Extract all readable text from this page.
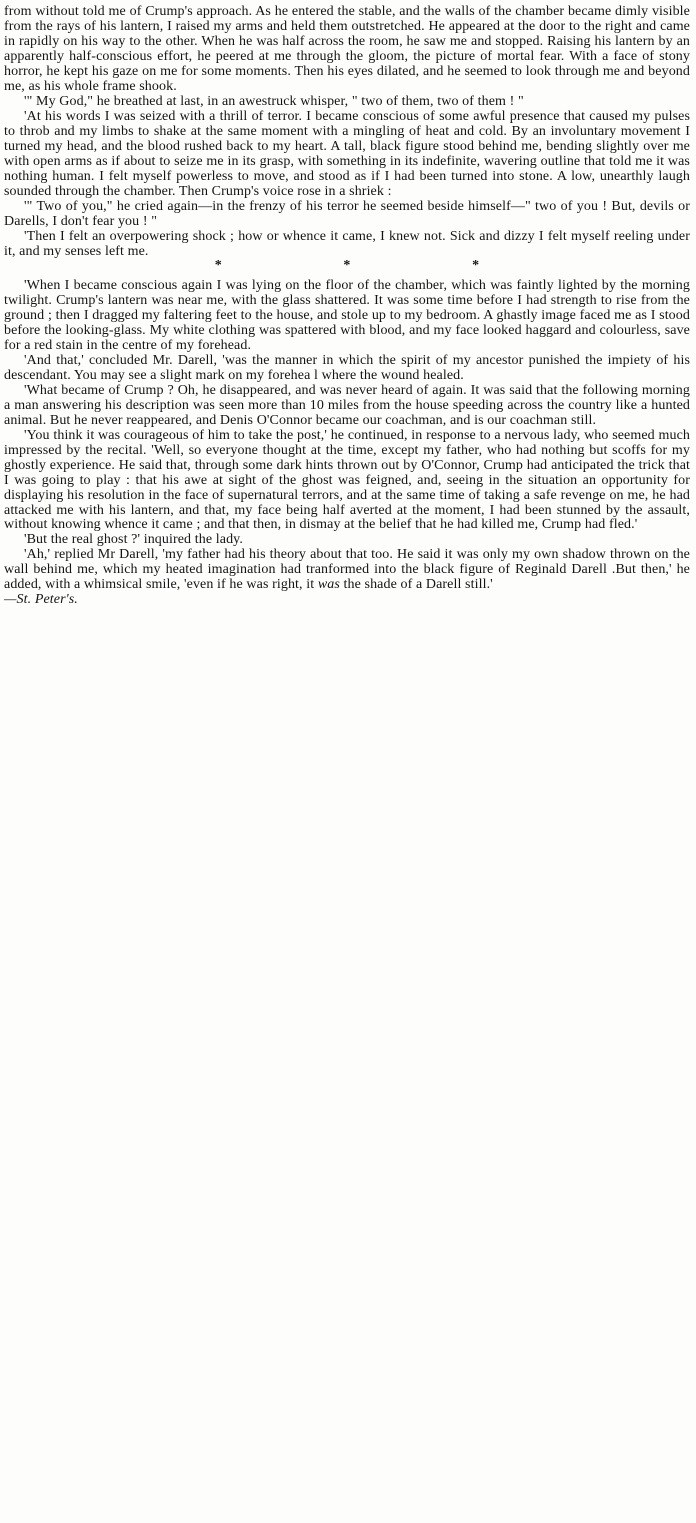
from without told me of Crump's approach. As he entered the stable, and the walls of the chamber became dimly visible from the rays of his lantern, I raised my arms and held them outstretched. He appeared at the door to the right and came in rapidly on his way to the other. When he was half across the room, he saw me and stopped. Raising his lantern by an apparently half-conscious effort, he peered at me through the gloom, the picture of mortal fear. With a face of stony horror, he kept his gaze on me for some moments. Then his eyes dilated, and he seemed to look through me and beyond me, as his whole frame shook.

'" My God," he breathed at last, in an awestruck whisper, " two of them, two of them ! "

'At his words I was seized with a thrill of terror. I became conscious of some awful presence that caused my pulses to throb and my limbs to shake at the same moment with a mingling of heat and cold. By an involuntary movement I turned my head, and the blood rushed back to my heart. A tall, black figure stood behind me, bending slightly over me with open arms as if about to seize me in its grasp, with something in its indefinite, wavering outline that told me it was nothing human. I felt myself powerless to move, and stood as if I had been turned into stone. A low, unearthly laugh sounded through the chamber. Then Crump's voice rose in a shriek :

'" Two of you," he cried again—in the frenzy of his terror he seemed beside himself—" two of you ! But, devils or Darells, I don't fear you ! "

'Then I felt an overpowering shock ; how or whence it came, I knew not. Sick and dizzy I felt myself reeling under it, and my senses left me.

*	*	*

'When I became conscious again I was lying on the floor of the chamber, which was faintly lighted by the morning twilight. Crump's lantern was near me, with the glass shattered. It was some time before I had strength to rise from the ground ; then I dragged my faltering feet to the house, and stole up to my bedroom. A ghastly image faced me as I stood before the looking-glass. My white clothing was spattered with blood, and my face looked haggard and colourless, save for a red stain in the centre of my forehead.

'And that,' concluded Mr. Darell, 'was the manner in which the spirit of my ancestor punished the impiety of his descendant. You may see a slight mark on my forehea l where the wound healed.

'What became of Crump ? Oh, he disappeared, and was never heard of again. It was said that the following morning a man answering his description was seen more than 10 miles from the house speeding across the country like a hunted animal. But he never reappeared, and Denis O'Connor became our coachman, and is our coachman still.

'You think it was courageous of him to take the post,' he continued, in response to a nervous lady, who seemed much impressed by the recital. 'Well, so everyone thought at the time, except my father, who had nothing but scoffs for my ghostly experience. He said that, through some dark hints thrown out by O'Connor, Crump had anticipated the trick that I was going to play : that his awe at sight of the ghost was feigned, and, seeing in the situation an opportunity for displaying his resolution in the face of supernatural terrors, and at the same time of taking a safe revenge on me, he had attacked me with his lantern, and that, my face being half averted at the moment, I had been stunned by the assault, without knowing whence it came ; and that then, in dismay at the belief that he had killed me, Crump had fled.'

'But the real ghost ?' inquired the lady.

'Ah,' replied Mr Darell, 'my father had his theory about that too. He said it was only my own shadow thrown on the wall behind me, which my heated imagination had tranformed into the black figure of Reginald Darell .But then,' he added, with a whimsical smile, 'even if he was right, it was the shade of a Darell still.'

—St. Peter's.
